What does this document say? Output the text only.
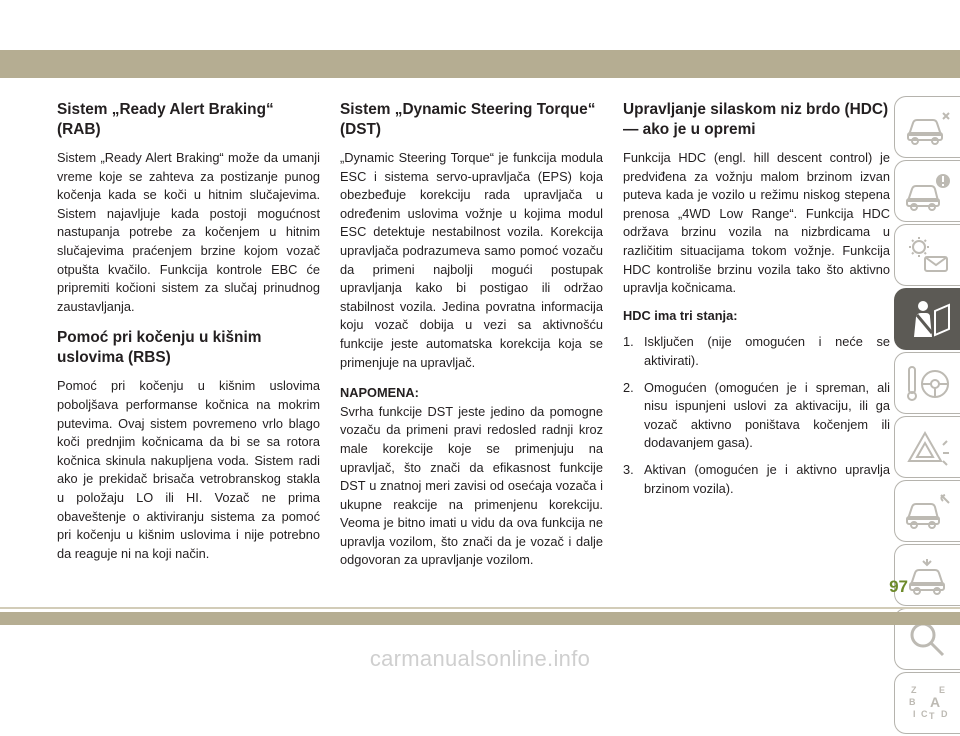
Sistem „Ready Alert Braking“ (RAB)

Sistem „Ready Alert Braking“ može da umanji vreme koje se zahteva za postizanje punog kočenja kada se koči u hitnim slučajevima. Sistem najavljuje kada postoji mogućnost nastupanja potrebe za kočenjem u hitnim slučajevima praćenjem brzine kojom vozač otpušta kvačilo. Funkcija kontrole EBC će pripremiti kočioni sistem za slučaj prinudnog zaustavljanja.

Pomoć pri kočenju u kišnim uslovima (RBS)

Pomoć pri kočenju u kišnim uslovima poboljšava performanse kočnica na mokrim putevima. Ovaj sistem povremeno vrlo blago koči prednjim kočnicama da bi se sa rotora kočnica skinula nakupljena voda. Sistem radi ako je prekidač brisača vetrobranskog stakla u položaju LO ili HI. Vozač ne prima obaveštenje o aktiviranju sistema za pomoć pri kočenju u kišnim uslovima i nije potrebno da reaguje ni na koji način.

Sistem „Dynamic Steering Torque“ (DST)

„Dynamic Steering Torque“ je funkcija modula ESC i sistema servo-upravljača (EPS) koja obezbeđuje korekciju rada upravljača u određenim uslovima vožnje u kojima modul ESC detektuje nestabilnost vozila. Korekcija upravljača podrazumeva samo pomoć vozaču da primeni najbolji mogući postupak upravljanja kako bi postigao ili održao stabilnost vozila. Jedina povratna informacija koju vozač dobija u vezi sa aktivnošću funkcije jeste automatska korekcija koja se primenjuje na upravljač.

NAPOMENA:

Svrha funkcije DST jeste jedino da pomogne vozaču da primeni pravi redosled radnji kroz male korekcije koje se primenjuju na upravljač, što znači da efikasnost funkcije DST u znatnoj meri zavisi od osećaja vozača i ukupne reakcije na primenjenu korekciju. Veoma je bitno imati u vidu da ova funkcija ne upravlja vozilom, što znači da je vozač i dalje odgovoran za upravljanje vozilom.

Upravljanje silaskom niz brdo (HDC) — ako je u opremi

Funkcija HDC (engl. hill descent control) je predviđena za vožnju malom brzinom izvan puteva kada je vozilo u režimu niskog stepena prenosa „4WD Low Range“. Funkcija HDC održava brzinu vozila na nizbrdicama u različitim situacijama tokom vožnje. Funkcija HDC kontroliše brzinu vozila tako što aktivno upravlja kočnicama.

HDC ima tri stanja:
1. Isključen (nije omogućen i neće se aktivirati).
2. Omogućen (omogućen je i spreman, ali nisu ispunjeni uslovi za aktivaciju, ili ga vozač aktivno poništava kočenjem ili dodavanjem gasa).
3. Aktivan (omogućen je i aktivno upravlja brzinom vozila).
Z	E
B A
C
I T D
97
carmanualsonline.info
